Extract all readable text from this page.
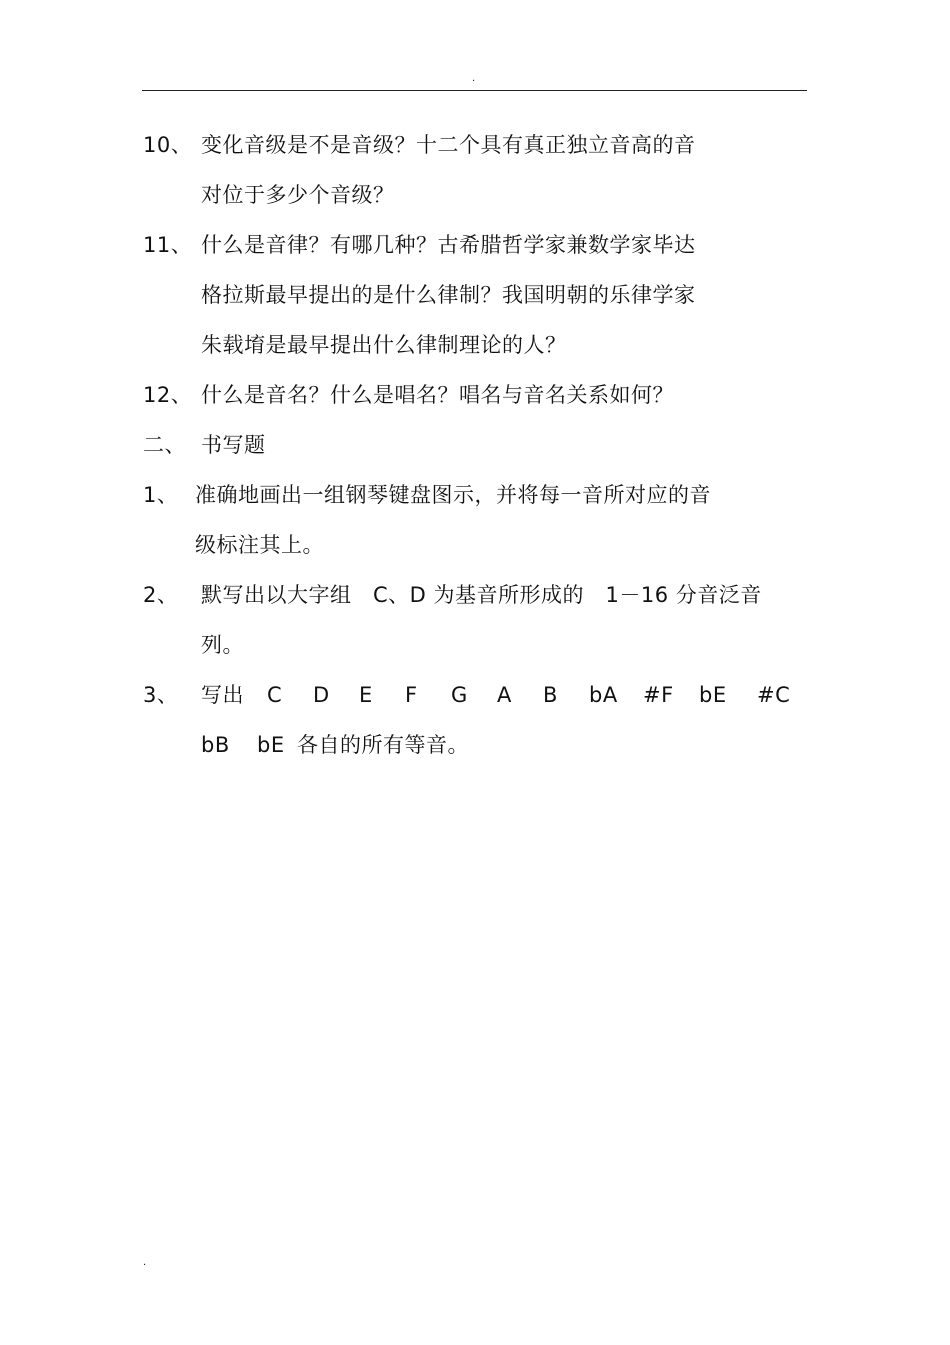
.
10、 变化音级是不是音级？十二个具有真正独立音高的音
对位于多少个音级？
11、 什么是音律？有哪几种？古希腊哲学家兼数学家毕达
格拉斯最早提出的是什么律制？我国明朝的乐律学家
朱载堉是最早提出什么律制理论的人？
12、 什么是音名？什么是唱名？唱名与音名关系如何？
二、 书写题
1、 准确地画出一组钢琴键盘图示，并将每一音所对应的音
级标注其上。
2、 默写出以大字组　C、D 为基音所形成的　1－16 分音泛音
列。
3、 写出 C D E F G A B bA #F bE #C
bB bE 各自的所有等音。
.
